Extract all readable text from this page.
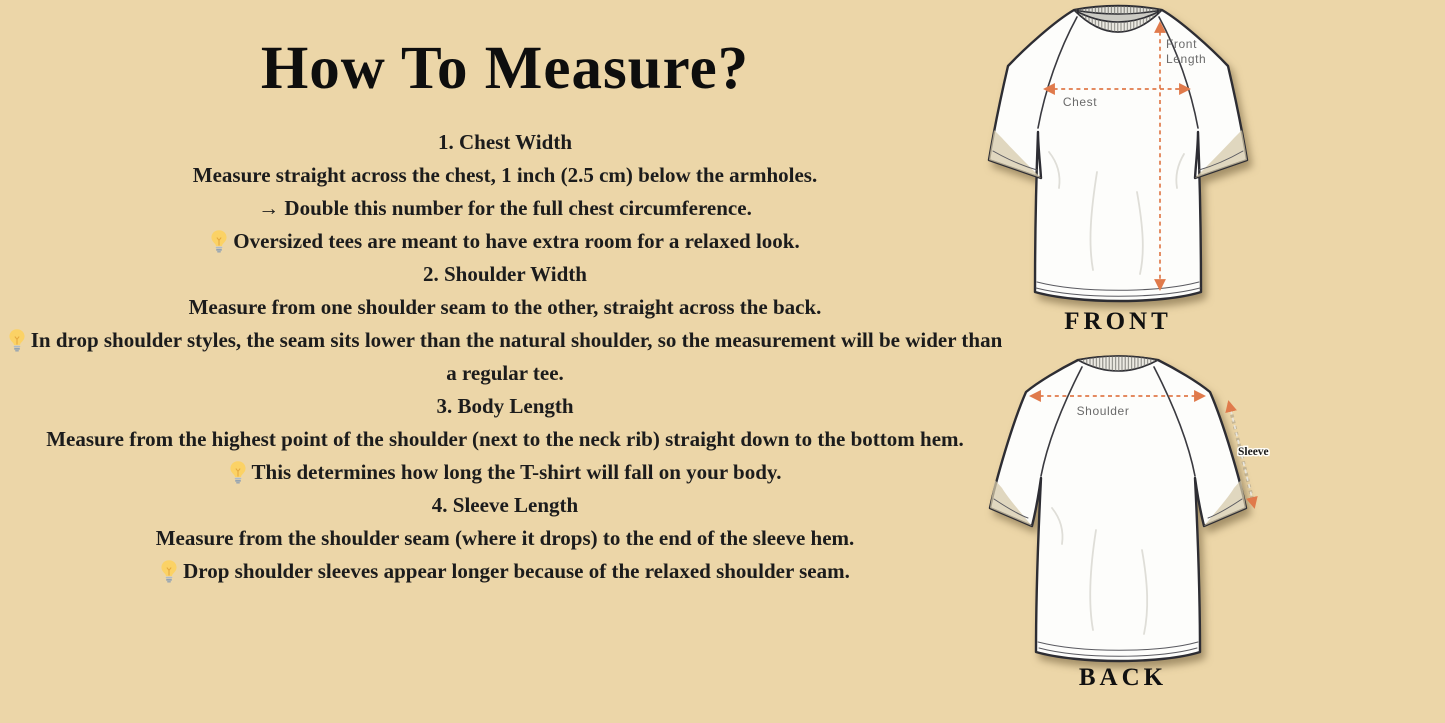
How To Measure?
1. Chest Width
Measure straight across the chest, 1 inch (2.5 cm) below the armholes.
→ Double this number for the full chest circumference.
Oversized tees are meant to have extra room for a relaxed look.
2. Shoulder Width
Measure from one shoulder seam to the other, straight across the back.
In drop shoulder styles, the seam sits lower than the natural shoulder, so the measurement will be wider than a regular tee.
3. Body Length
Measure from the highest point of the shoulder (next to the neck rib) straight down to the bottom hem.
This determines how long the T-shirt will fall on your body.
4. Sleeve Length
Measure from the shoulder seam (where it drops) to the end of the sleeve hem.
Drop shoulder sleeves appear longer because of the relaxed shoulder seam.
Chest
Front
Length
FRONT
Shoulder
Sleeve
BACK
